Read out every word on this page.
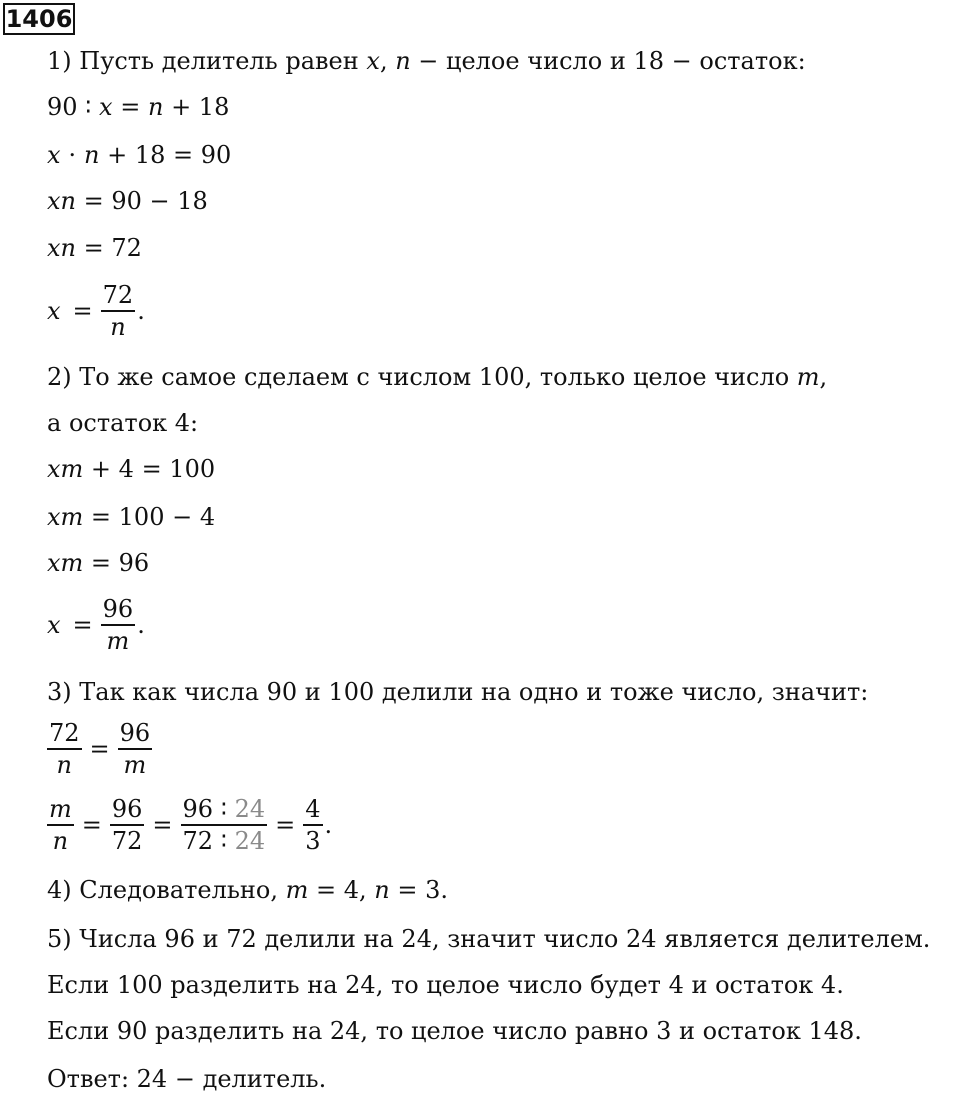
1406
1) Пусть делитель равен x, n − целое число и 18 − остаток:
90 ∶ x = n + 18
x ⋅ n + 18 = 90
xn = 90 − 18
xn = 72
$x = \frac{72}{n}$ .
2) То же самое сделаем с числом 100, только целое число m,
а остаток 4:
xm + 4 = 100
xm = 100 − 4
xm = 96
$x = \frac{96}{m}$ .
3) Так как числа 90 и 100 делили на одно и тоже число, значит:
$\frac{72}{n} = \frac{96}{m}$
$\frac{m}{n} = \frac{96}{72} = \frac{96 ∶ 24}{72 ∶ 24} = \frac{4}{3}$ .
4) Следовательно, m = 4, n = 3.
5) Числа 96 и 72 делили на 24, значит число 24 является делителем.
Если 100 разделить на 24, то целое число будет 4 и остаток 4.
Если 90 разделить на 24, то целое число равно 3 и остаток 148.
Ответ: 24 − делитель.
